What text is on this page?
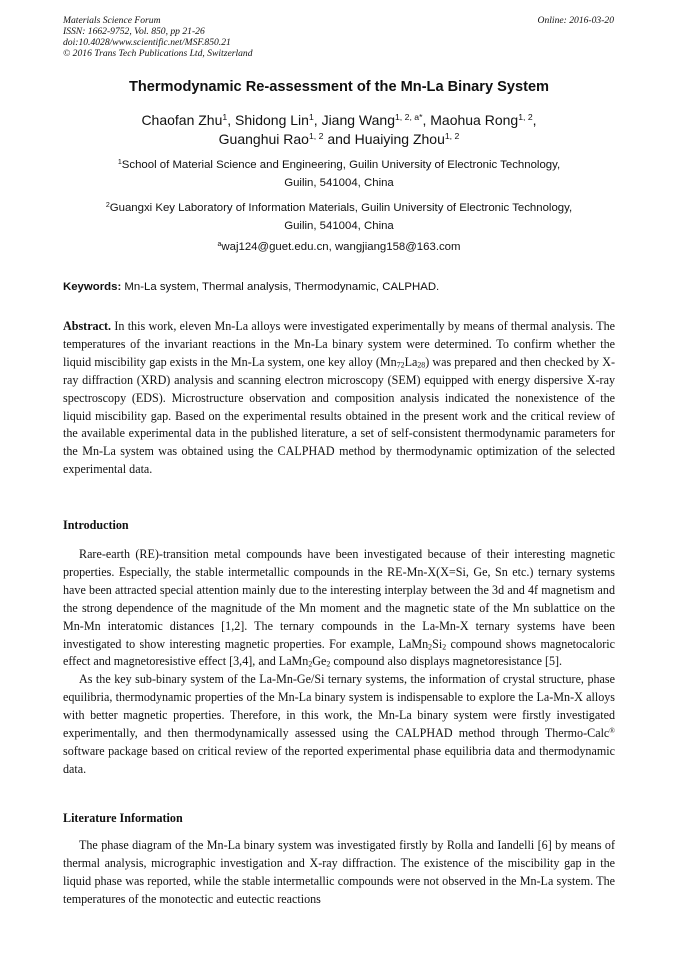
Materials Science Forum
ISSN: 1662-9752, Vol. 850, pp 21-26
doi:10.4028/www.scientific.net/MSF.850.21
© 2016 Trans Tech Publications Ltd, Switzerland
Online: 2016-03-20
Thermodynamic Re-assessment of the Mn-La Binary System
Chaofan Zhu$^1$, Shidong Lin$^1$, Jiang Wang$^{1, 2, a*}$, Maohua Rong$^{1, 2}$,
Guanghui Rao$^{1, 2}$ and Huaiying Zhou$^{1, 2}$
$^1$School of Material Science and Engineering, Guilin University of Electronic Technology,
Guilin, 541004, China
$^2$Guangxi Key Laboratory of Information Materials, Guilin University of Electronic Technology,
Guilin, 541004, China
$^a$waj124@guet.edu.cn, wangjiang158@163.com
Keywords: Mn-La system, Thermal analysis, Thermodynamic, CALPHAD.
Abstract. In this work, eleven Mn-La alloys were investigated experimentally by means of thermal analysis. The temperatures of the invariant reactions in the Mn-La binary system were determined. To confirm whether the liquid miscibility gap exists in the Mn-La system, one key alloy $(Mn_{72}La_{28})$ was prepared and then checked by X-ray diffraction (XRD) analysis and scanning electron microscopy (SEM) equipped with energy dispersive X-ray spectroscopy (EDS). Microstructure observation and composition analysis indicated the nonexistence of the liquid miscibility gap. Based on the experimental results obtained in the present work and the critical review of the available experimental data in the published literature, a set of self-consistent thermodynamic parameters for the Mn-La system was obtained using the CALPHAD method by thermodynamic optimization of the selected experimental data.
Introduction

Rare-earth (RE)-transition metal compounds have been investigated because of their interesting magnetic properties. Especially, the stable intermetallic compounds in the RE-Mn-X(X=Si, Ge, Sn etc.) ternary systems have been attracted special attention mainly due to the interesting interplay between the 3d and 4f magnetism and the strong dependence of the magnitude of the Mn moment and the magnetic state of the Mn sublattice on the Mn-Mn interatomic distances [1,2]. The ternary compounds in the La-Mn-X ternary systems have been investigated to show interesting magnetic properties. For example, $LaMn_2Si_2$ compound shows magnetocaloric effect and magnetoresistive effect [3,4], and $LaMn_2Ge_2$ compound also displays magnetoresistance [5].

As the key sub-binary system of the La-Mn-Ge/Si ternary systems, the information of crystal structure, phase equilibria, thermodynamic properties of the Mn-La binary system is indispensable to explore the La-Mn-X alloys with better magnetic properties. Therefore, in this work, the Mn-La binary system were firstly investigated experimentally, and then thermodynamically assessed using the CALPHAD method through Thermo-Calc® software package based on critical review of the reported experimental phase equilibria data and thermodynamic data.

Literature Information

The phase diagram of the Mn-La binary system was investigated firstly by Rolla and Iandelli [6] by means of thermal analysis, micrographic investigation and X-ray diffraction. The existence of the miscibility gap in the liquid phase was reported, while the stable intermetallic compounds were not observed in the Mn-La system. The temperatures of the monotectic and eutectic reactions
